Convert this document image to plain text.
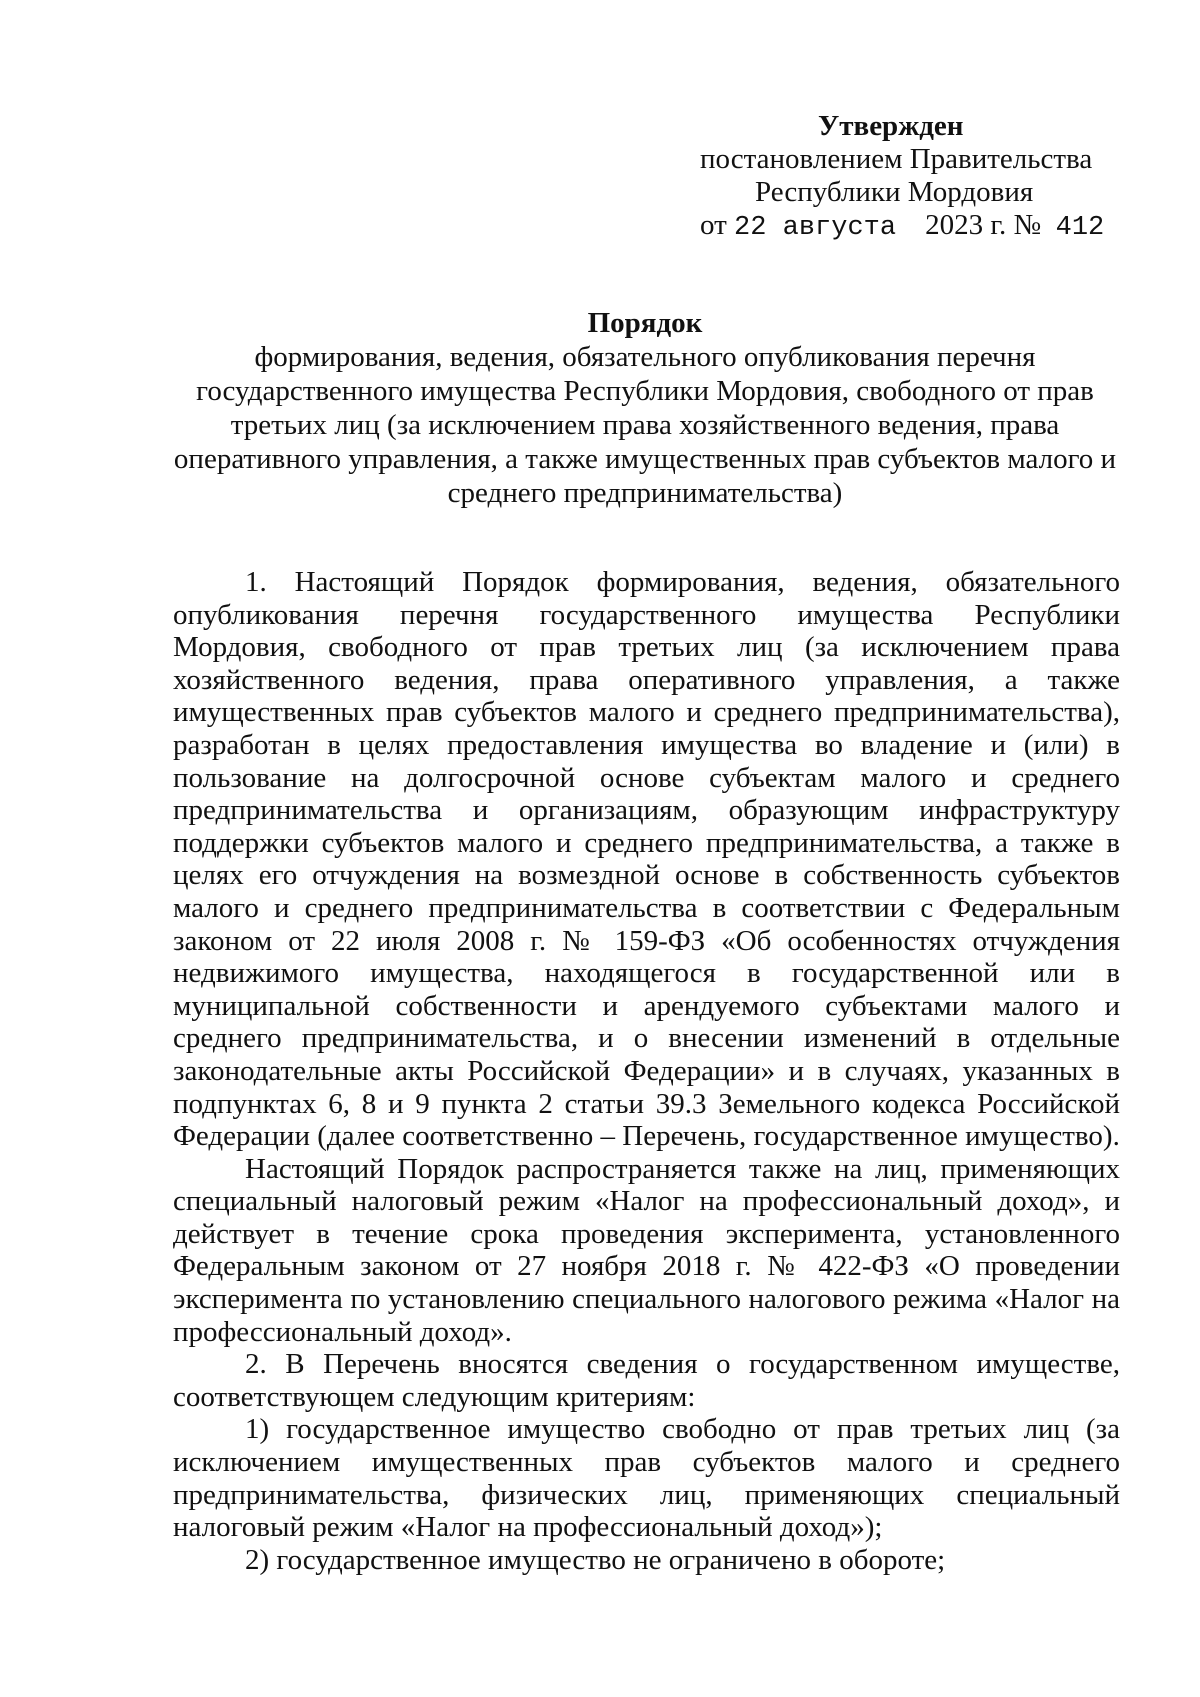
Утвержден
постановлением Правительства
Республики Мордовия
от 22 августа 2023 г. № 412
Порядок
формирования, ведения, обязательного опубликования перечня государственного имущества Республики Мордовия, свободного от прав третьих лиц (за исключением права хозяйственного ведения, права оперативного управления, а также имущественных прав субъектов малого и среднего предпринимательства)

1. Настоящий Порядок формирования, ведения, обязательного опубликования перечня государственного имущества Республики Мордовия, свободного от прав третьих лиц (за исключением права хозяйственного ведения, права оперативного управления, а также имущественных прав субъектов малого и среднего предпринимательства), разработан в целях предоставления имущества во владение и (или) в пользование на долгосрочной основе субъектам малого и среднего предпринимательства и организациям, образующим инфраструктуру поддержки субъектов малого и среднего предпринимательства, а также в целях его отчуждения на возмездной основе в собственность субъектов малого и среднего предпринимательства в соответствии с Федеральным законом от 22 июля 2008 г. № 159-ФЗ «Об особенностях отчуждения недвижимого имущества, находящегося в государственной или в муниципальной собственности и арендуемого субъектами малого и среднего предпринимательства, и о внесении изменений в отдельные законодательные акты Российской Федерации» и в случаях, указанных в подпунктах 6, 8 и 9 пункта 2 статьи 39.3 Земельного кодекса Российской Федерации (далее соответственно – Перечень, государственное имущество).

Настоящий Порядок распространяется также на лиц, применяющих специальный налоговый режим «Налог на профессиональный доход», и действует в течение срока проведения эксперимента, установленного Федеральным законом от 27 ноября 2018 г. № 422-ФЗ «О проведении эксперимента по установлению специального налогового режима «Налог на профессиональный доход».

2. В Перечень вносятся сведения о государственном имуществе, соответствующем следующим критериям:

1) государственное имущество свободно от прав третьих лиц (за исключением имущественных прав субъектов малого и среднего предпринимательства, физических лиц, применяющих специальный налоговый режим «Налог на профессиональный доход»);

2) государственное имущество не ограничено в обороте;
